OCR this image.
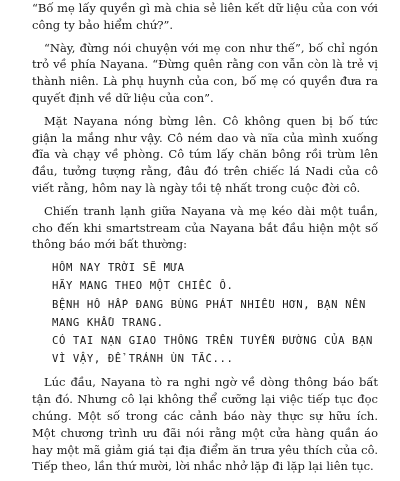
“Bố mẹ lấy quyền gì mà chia sẻ liên kết dữ liệu của con với công ty bảo hiểm chứ?”.

“Này, đừng nói chuyện với mẹ con như thế”, bố chỉ ngón trỏ về phía Nayana. “Đừng quên rằng con vẫn còn là trẻ vị thành niên. Là phụ huynh của con, bố mẹ có quyền đưa ra quyết định về dữ liệu của con”.

Mặt Nayana nóng bừng lên. Cô không quen bị bố tức giận la mắng như vậy. Cô ném dao và nĩa của mình xuống đĩa và chạy về phòng. Cô túm lấy chăn bông rồi trùm lên đầu, tưởng tượng rằng, đâu đó trên chiếc lá Nadi của cô viết rằng, hôm nay là ngày tồi tệ nhất trong cuộc đời cô.

Chiến tranh lạnh giữa Nayana và mẹ kéo dài một tuần, cho đến khi smartstream của Nayana bắt đầu hiện một số thông báo mới bất thường:

HÔM NAY TRỜI SẼ MƯA
HÃY MANG THEO MỘT CHIẾC Ô.
BỆNH HÔ HẤP ĐANG BÙNG PHÁT NHIỀU HƠN, BẠN NÊN
MANG KHẨU TRANG.
CÓ TAI NẠN GIAO THÔNG TRÊN TUYẾN ĐƯỜNG CỦA BẠN
VÌ VẬY, ĐỂ TRÁNH ÙN TẮC...

Lúc đầu, Nayana tò ra nghi ngờ về dòng thông báo bất tận đó. Nhưng cô lại không thể cưỡng lại việc tiếp tục đọc chúng. Một số trong các cảnh báo này thực sự hữu ích. Một chương trình ưu đãi nói rằng một cửa hàng quần áo hay một mã giảm giá tại địa điểm ăn trưa yêu thích của cô. Tiếp theo, lần thứ mười, lời nhắc nhở lặp đi lặp lại liên tục.
